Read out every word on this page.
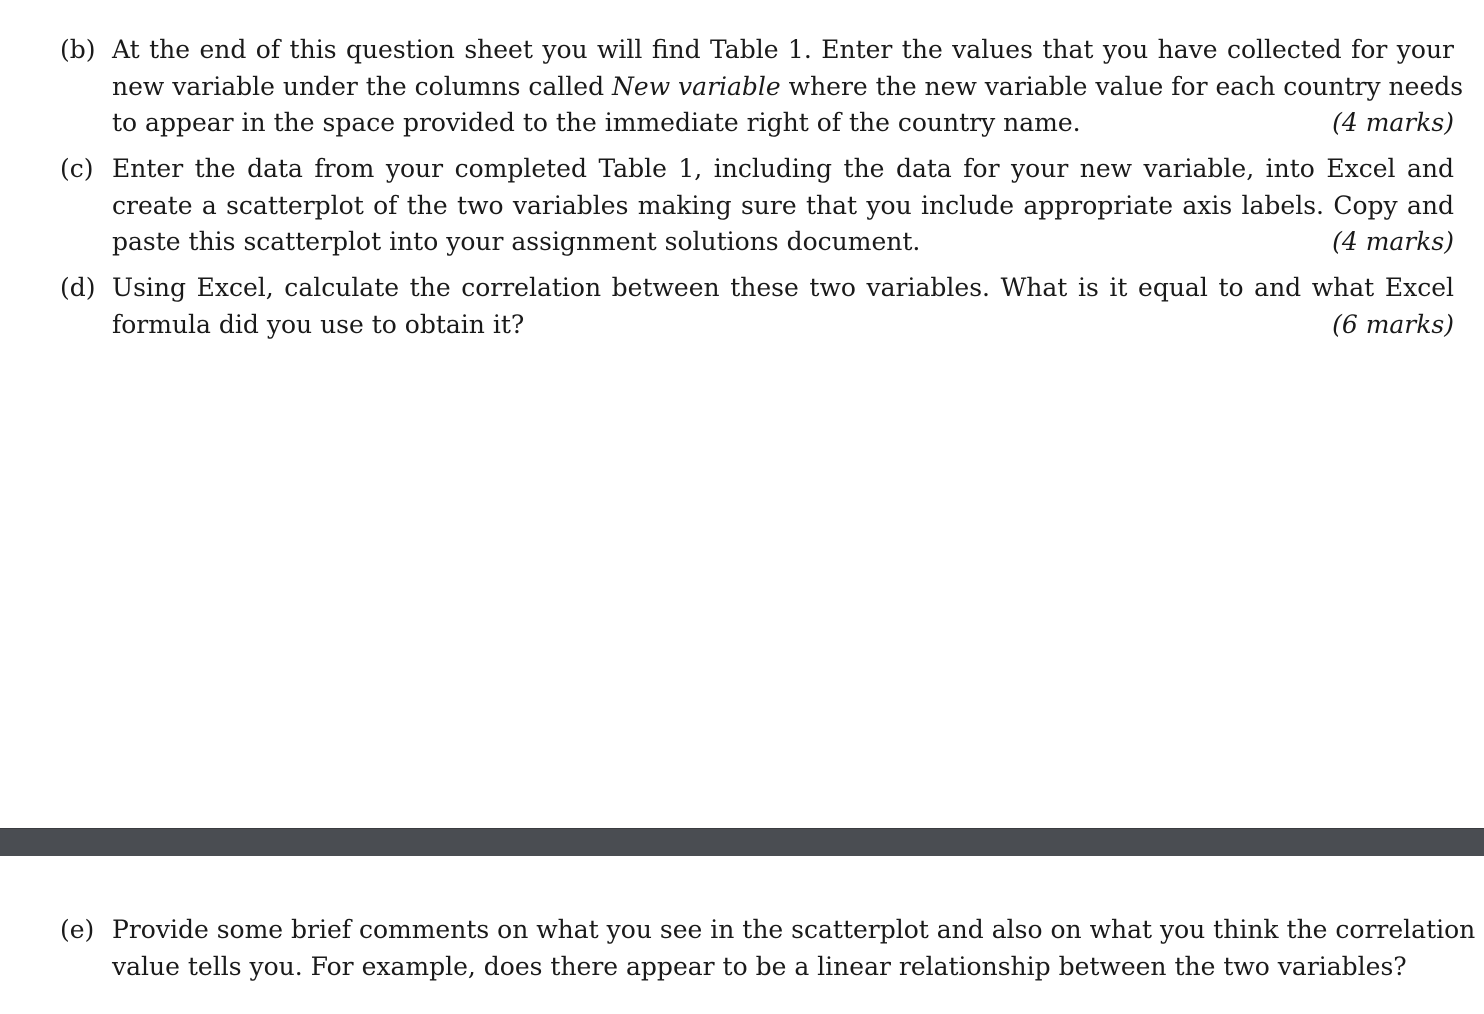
(b) At the end of this question sheet you will find Table 1. Enter the values that you have collected for your
new variable under the columns called New variable where the new variable value for each country needs
to appear in the space provided to the immediate right of the country name.	(4 marks)
(c) Enter the data from your completed Table 1, including the data for your new variable, into Excel and
create a scatterplot of the two variables making sure that you include appropriate axis labels. Copy and
paste this scatterplot into your assignment solutions document.	(4 marks)
(d) Using Excel, calculate the correlation between these two variables. What is it equal to and what Excel
formula did you use to obtain it?	(6 marks)
(e) Provide some brief comments on what you see in the scatterplot and also on what you think the correlation
value tells you. For example, does there appear to be a linear relationship between the two variables?
